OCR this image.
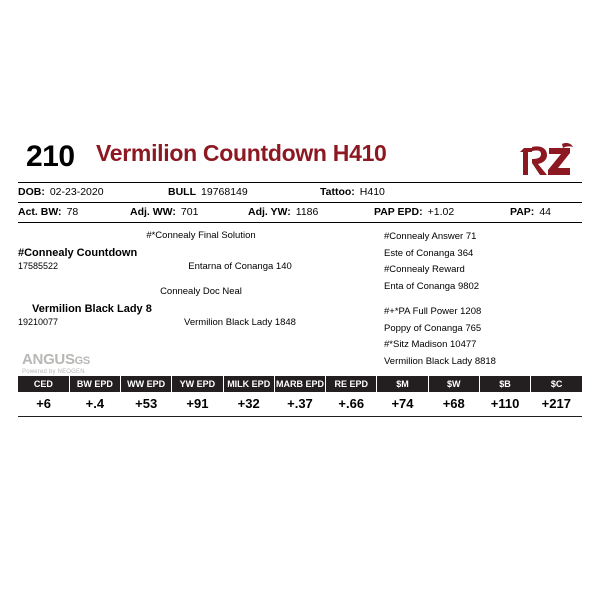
ANGUSGS
Powered by NEOGEN
210 Vermilion Countdown H410
DOB: 02-23-2020	BULL 19768149	Tattoo: H410
Act. BW: 78	Adj. WW: 701	Adj. YW: 1186	PAP EPD: +1.02	PAP: 44
#*Connealy Final Solution
#Connealy Countdown
17585522	Entarna of Conanga 140
Connealy Doc Neal
Vermilion Black Lady 8
19210077	Vermilion Black Lady 1848
#Connealy Answer 71
Este of Conanga 364
#Connealy Reward
Enta of Conanga 9802
#+*PA Full Power 1208
Poppy of Conanga 765
#*Sitz Madison 10477
Vermilion Black Lady 8818
CED	BW EPD	WW EPD	YW EPD	MILK EPD	MARB EPD	RE EPD	$M	$W	$B	$C
+6	+.4	+53	+91	+32	+.37	+.66	+74	+68	+110	+217
